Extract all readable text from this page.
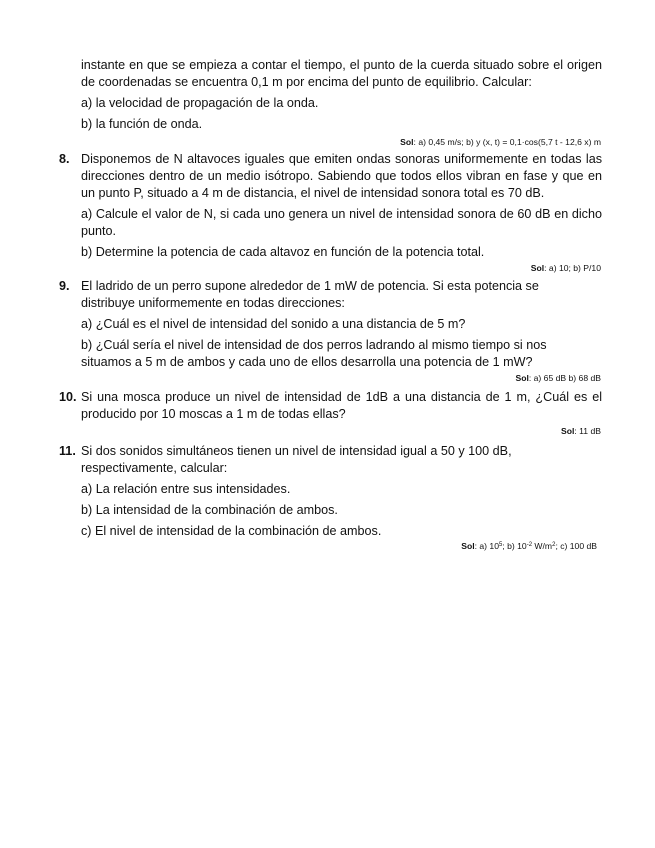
instante en que se empieza a contar el tiempo, el punto de la cuerda situado sobre el origen de coordenadas se encuentra 0,1 m por encima del punto de equilibrio. Calcular:

a) la velocidad de propagación de la onda.

b) la función de onda.

Sol: a) 0,45 m/s; b) y (x, t) = 0,1·cos(5,7 t - 12,6 x) m
8. Disponemos de N altavoces iguales que emiten ondas sonoras uniformemente en todas las direcciones dentro de un medio isótropo. Sabiendo que todos ellos vibran en fase y que en un punto P, situado a 4 m de distancia, el nivel de intensidad sonora total es 70 dB.

a) Calcule el valor de N, si cada uno genera un nivel de intensidad sonora de 60 dB en dicho punto.

b) Determine la potencia de cada altavoz en función de la potencia total.

Sol: a) 10; b) P/10
9. El ladrido de un perro supone alrededor de 1 mW de potencia. Si esta potencia se distribuye uniformemente en todas direcciones:

a) ¿Cuál es el nivel de intensidad del sonido a una distancia de 5 m?

b) ¿Cuál sería el nivel de intensidad de dos perros ladrando al mismo tiempo si nos situamos a 5 m de ambos y cada uno de ellos desarrolla una potencia de 1 mW?

Sol: a) 65 dB b) 68 dB
10. Si una mosca produce un nivel de intensidad de 1dB a una distancia de 1 m, ¿Cuál es el producido por 10 moscas a 1 m de todas ellas?

Sol: 11 dB
11. Si dos sonidos simultáneos tienen un nivel de intensidad igual a 50 y 100 dB, respectivamente, calcular:

a) La relación entre sus intensidades.

b) La intensidad de la combinación de ambos.

c) El nivel de intensidad de la combinación de ambos.

Sol: a) $10^5$; b) $10^{-2}$ $W/m^2$; c) 100 dB
